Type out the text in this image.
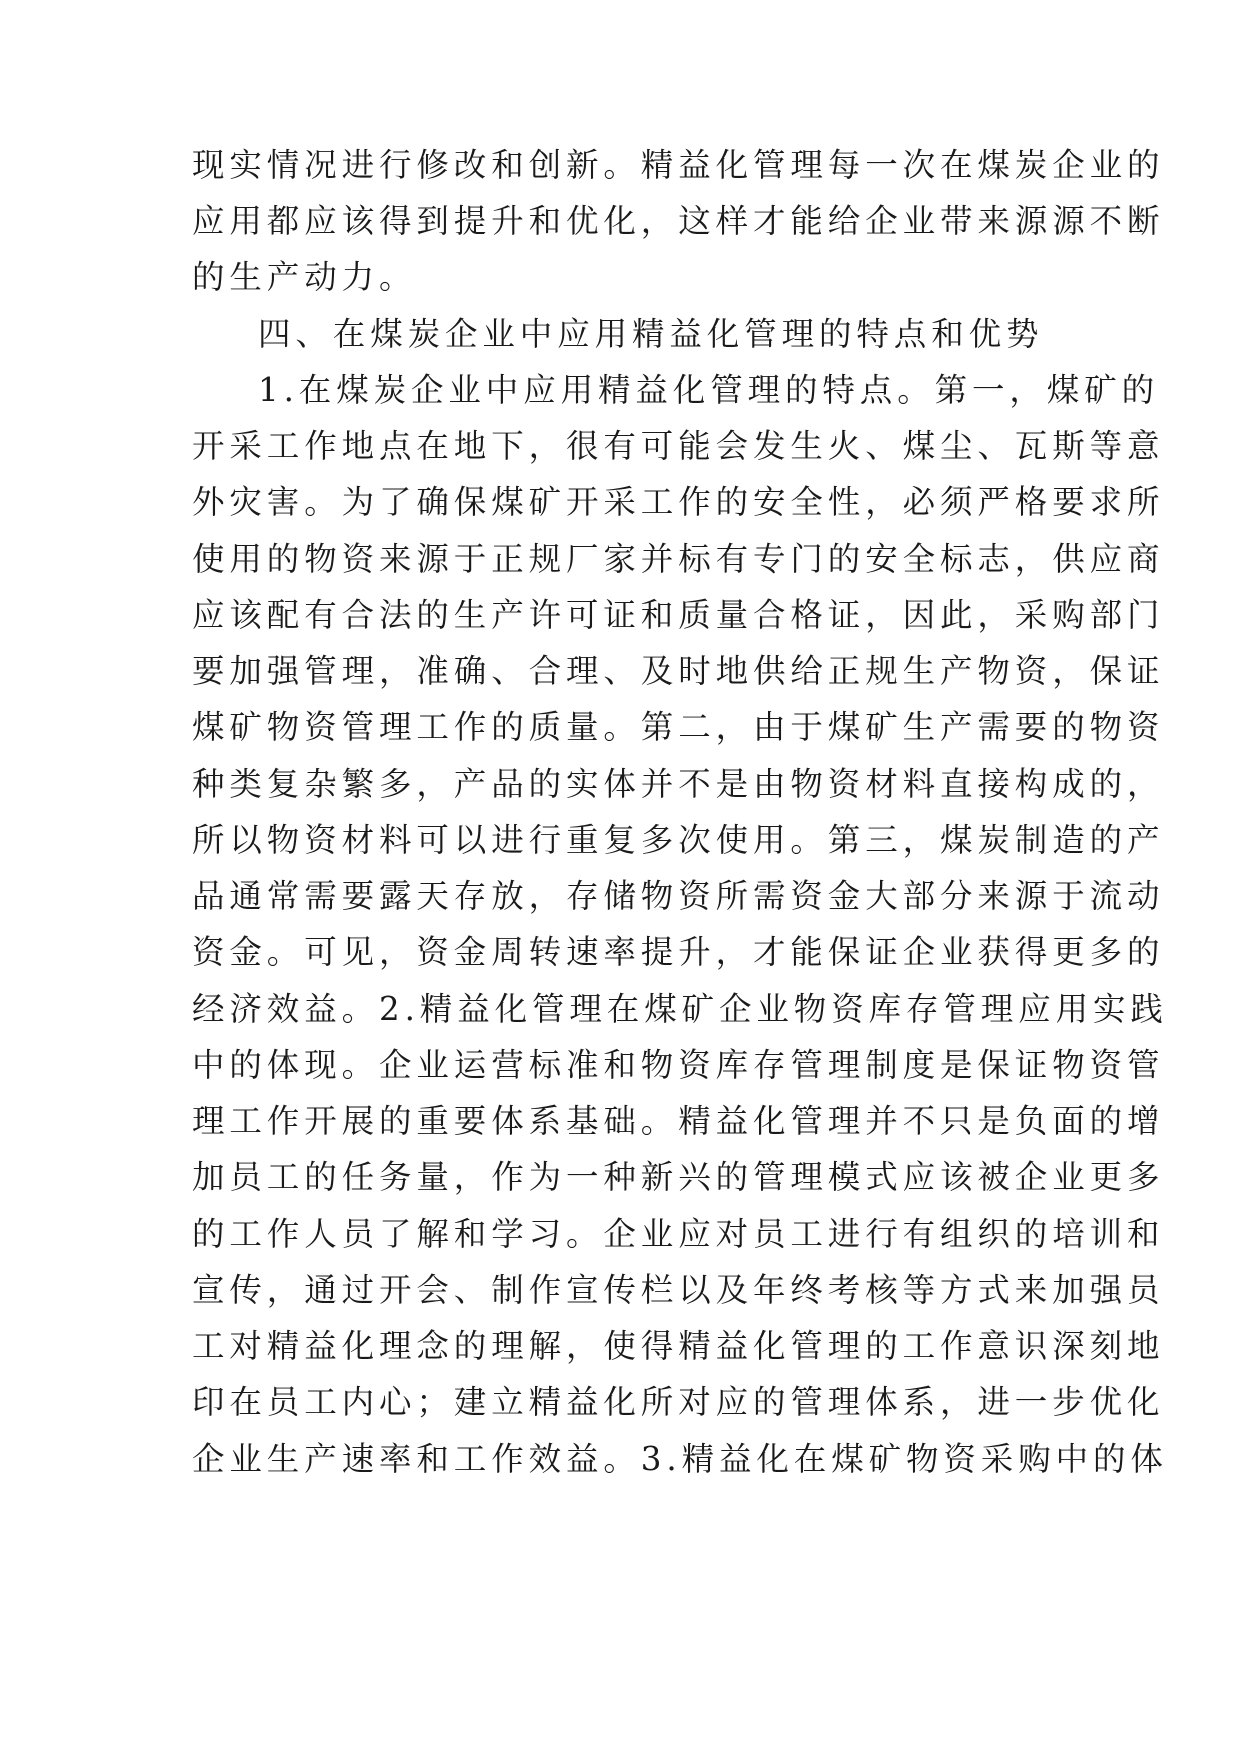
现实情况进行修改和创新。精益化管理每一次在煤炭企业的
应用都应该得到提升和优化，这样才能给企业带来源源不断
的生产动力。
四、在煤炭企业中应用精益化管理的特点和优势
1.在煤炭企业中应用精益化管理的特点。第一，煤矿的
开采工作地点在地下，很有可能会发生火、煤尘、瓦斯等意
外灾害。为了确保煤矿开采工作的安全性，必须严格要求所
使用的物资来源于正规厂家并标有专门的安全标志，供应商
应该配有合法的生产许可证和质量合格证，因此，采购部门
要加强管理，准确、合理、及时地供给正规生产物资，保证
煤矿物资管理工作的质量。第二，由于煤矿生产需要的物资
种类复杂繁多，产品的实体并不是由物资材料直接构成的，
所以物资材料可以进行重复多次使用。第三，煤炭制造的产
品通常需要露天存放，存储物资所需资金大部分来源于流动
资金。可见，资金周转速率提升，才能保证企业获得更多的
经济效益。2.精益化管理在煤矿企业物资库存管理应用实践
中的体现。企业运营标准和物资库存管理制度是保证物资管
理工作开展的重要体系基础。精益化管理并不只是负面的增
加员工的任务量，作为一种新兴的管理模式应该被企业更多
的工作人员了解和学习。企业应对员工进行有组织的培训和
宣传，通过开会、制作宣传栏以及年终考核等方式来加强员
工对精益化理念的理解，使得精益化管理的工作意识深刻地
印在员工内心；建立精益化所对应的管理体系，进一步优化
企业生产速率和工作效益。3.精益化在煤矿物资采购中的体
